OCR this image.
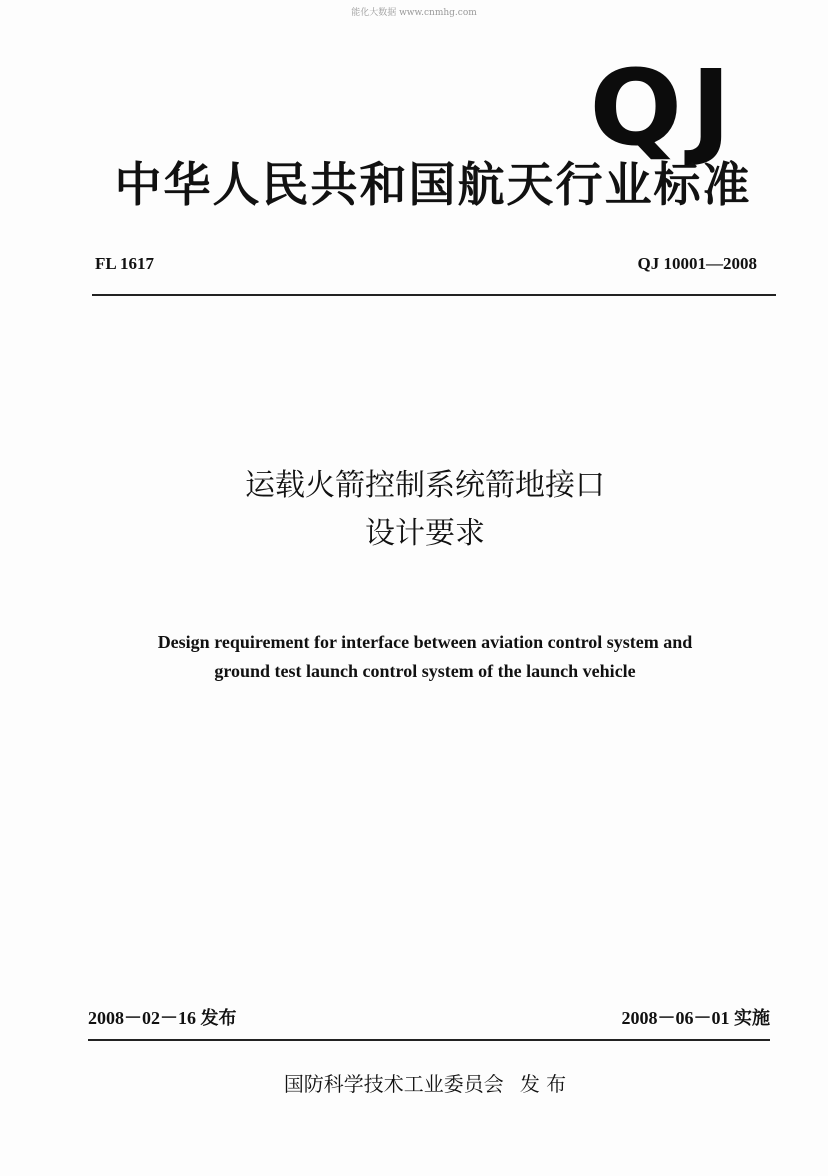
能化大数据 www.cnmhg.com
QJ
中华人民共和国航天行业标准
FL 1617	QJ 10001—2008
运载火箭控制系统箭地接口
设计要求
Design requirement for interface between aviation control system and
ground test launch control system of the launch vehicle
2008－02－16 发布	2008－06－01 实施
国防科学技术工业委员会 发 布
